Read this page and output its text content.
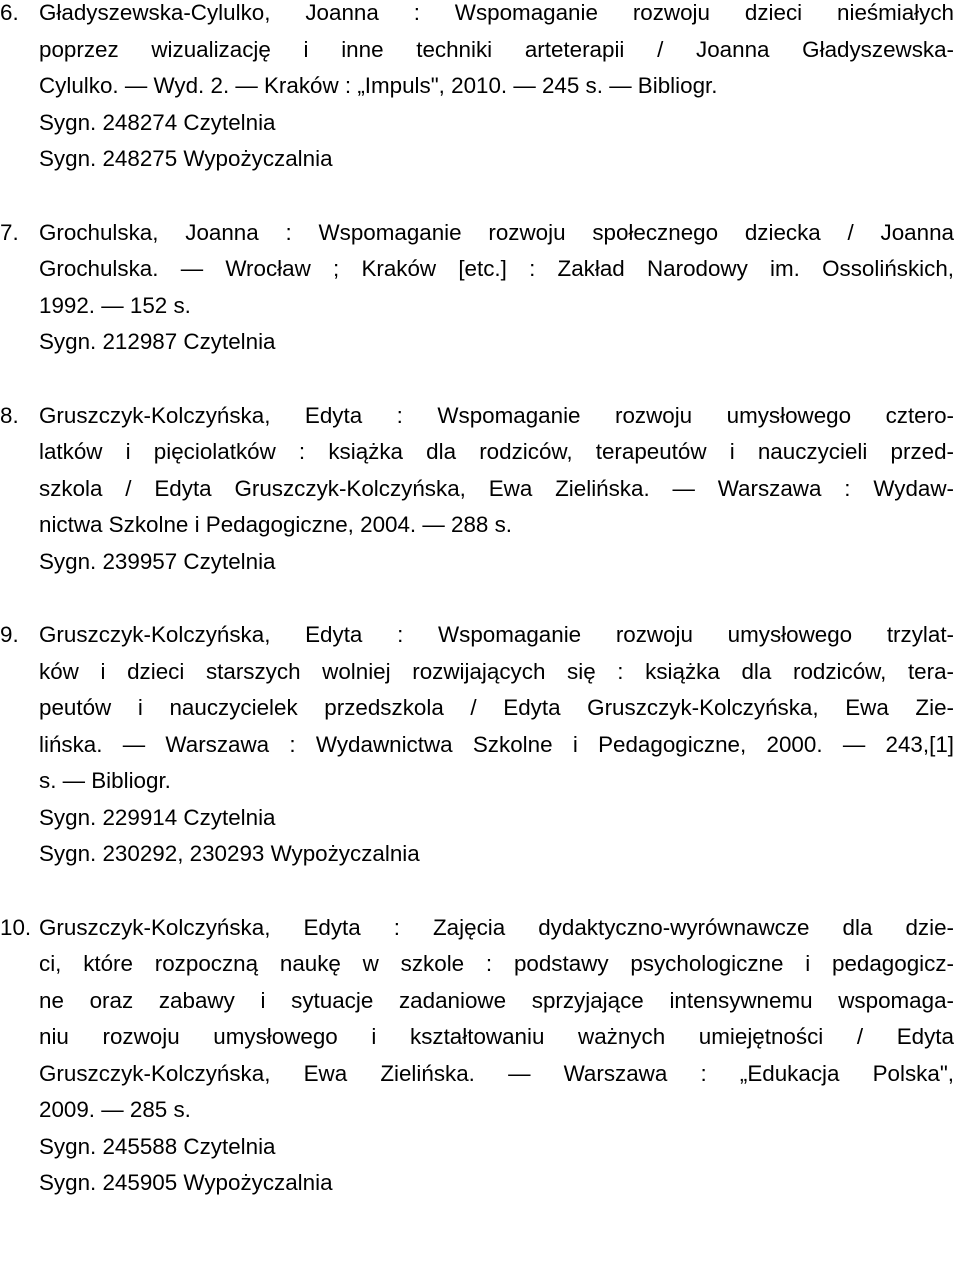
6. Gładyszewska-Cylulko, Joanna : Wspomaganie rozwoju dzieci nieśmiałych
poprzez wizualizację i inne techniki arteterapii / Joanna Gładyszewska-
Cylulko. — Wyd. 2. — Kraków : „Impuls", 2010. — 245 s. — Bibliogr.
Sygn. 248274 Czytelnia
Sygn. 248275 Wypożyczalnia
7. Grochulska, Joanna : Wspomaganie rozwoju społecznego dziecka / Joanna
Grochulska. — Wrocław ; Kraków [etc.] : Zakład Narodowy im. Ossolińskich,
1992. — 152 s.
Sygn. 212987 Czytelnia
8. Gruszczyk-Kolczyńska, Edyta : Wspomaganie rozwoju umysłowego cztero-
latków i pięciolatków : książka dla rodziców, terapeutów i nauczycieli przed-
szkola / Edyta Gruszczyk-Kolczyńska, Ewa Zielińska. — Warszawa : Wydaw-
nictwa Szkolne i Pedagogiczne, 2004. — 288 s.
Sygn. 239957 Czytelnia
9. Gruszczyk-Kolczyńska, Edyta : Wspomaganie rozwoju umysłowego trzylat-
ków i dzieci starszych wolniej rozwijających się : książka dla rodziców, tera-
peutów i nauczycielek przedszkola / Edyta Gruszczyk-Kolczyńska, Ewa Zie-
lińska. — Warszawa : Wydawnictwa Szkolne i Pedagogiczne, 2000. — 243,[1]
s. — Bibliogr.
Sygn. 229914 Czytelnia
Sygn. 230292, 230293 Wypożyczalnia
10. Gruszczyk-Kolczyńska, Edyta : Zajęcia dydaktyczno-wyrównawcze dla dzie-
ci, które rozpoczną naukę w szkole : podstawy psychologiczne i pedagogicz-
ne oraz zabawy i sytuacje zadaniowe sprzyjające intensywnemu wspomaga-
niu rozwoju umysłowego i kształtowaniu ważnych umiejętności / Edyta
Gruszczyk-Kolczyńska, Ewa Zielińska. — Warszawa : „Edukacja Polska",
2009. — 285 s.
Sygn. 245588 Czytelnia
Sygn. 245905 Wypożyczalnia
